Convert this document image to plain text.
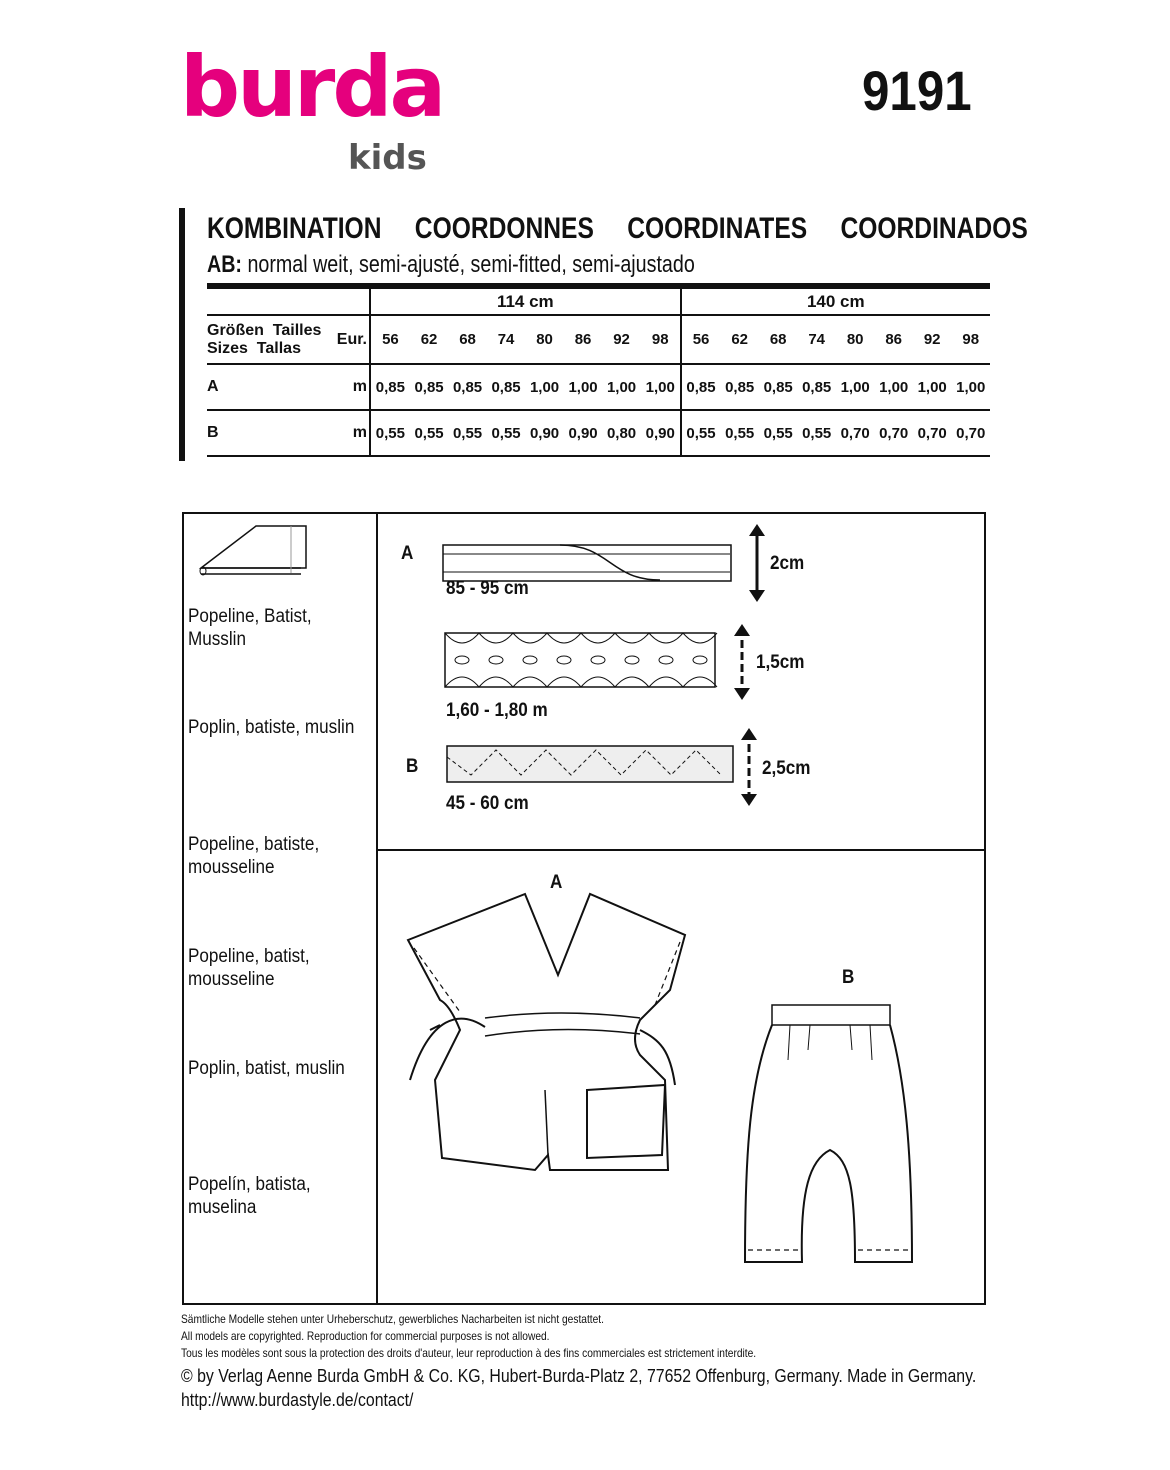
burda
kids
9191
KOMBINATION  COORDONNES  COORDINATES  COORDINADOS
AB: normal weit, semi-ajusté, semi-fitted, semi-ajustado
		114 cm								140 cm							

Größen  Tailles
Sizes  Tallas	Eur.	56	62	68	74	80	86	92	98	56	62	68	74	80	86	92	98
A	m	0,85	0,85	0,85	0,85	1,00	1,00	1,00	1,00	0,85	0,85	0,85	0,85	1,00	1,00	1,00	1,00
B	m	0,55	0,55	0,55	0,55	0,90	0,90	0,80	0,90	0,55	0,55	0,55	0,55	0,70	0,70	0,70	0,70
Popeline, Batist,
Musslin
Poplin, batiste, muslin
Popeline, batiste,
mousseline
Popeline, batist,
mousseline
Poplin, batist, muslin
Popelín, batista,
muselina
A
85 - 95 cm
2cm
1,60 - 1,80 m
1,5cm
B
45 - 60 cm
2,5cm
A
B
Sämtliche Modelle stehen unter Urheberschutz, gewerbliches Nacharbeiten ist nicht gestattet.
All models are copyrighted. Reproduction for commercial purposes is not allowed.
Tous les modèles sont sous la protection des droits d'auteur, leur reproduction à des fins commerciales est strictement interdite.
© by Verlag Aenne Burda GmbH & Co. KG, Hubert-Burda-Platz 2, 77652 Offenburg, Germany. Made in Germany.
http://www.burdastyle.de/contact/
